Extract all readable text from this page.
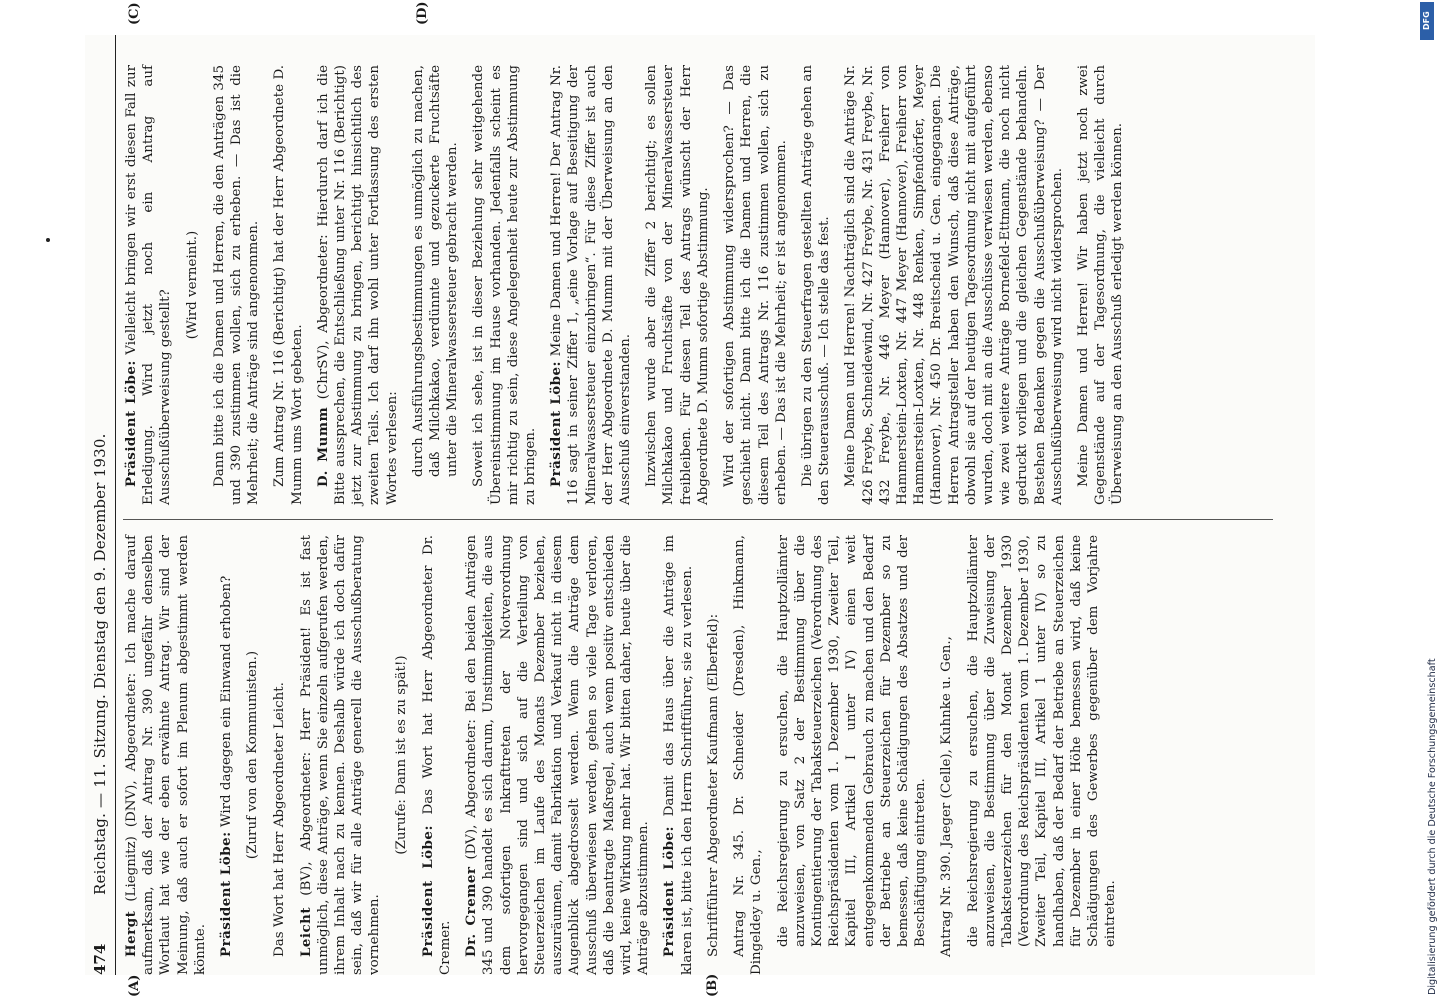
474
Reichstag. — 11. Sitzung. Dienstag den 9. Dezember 1930.
(A)	(B)
(C)	(D)

Hergt (Liegnitz) (DNV), Abgeordneter: Ich mache darauf aufmerksam, daß der Antrag Nr. 390 ungefähr denselben Wortlaut hat wie der eben erwähnte Antrag. Wir sind der Meinung, daß auch er sofort im Plenum abgestimmt werden könnte. Präsident Löbe: Wird dagegen ein Einwand erhoben? (Zuruf von den Kommunisten.) Das Wort hat Herr Abgeordneter Leicht. Leicht (BV), Abgeordneter: Herr Präsident! Es ist fast unmöglich, diese Anträge, wenn Sie einzeln aufgerufen werden, ihrem Inhalt nach zu kennen. Deshalb würde ich doch dafür sein, daß wir für alle Anträge generell die Ausschußberatung vornehmen.

(Zurufe: Dann ist es zu spät!)

Präsident Löbe: Das Wort hat Herr Abgeordneter Dr. Cremer. Dr. Cremer (DV), Abgeordneter: Bei den beiden Anträgen 345 und 390 handelt es sich darum, Unstimmigkeiten, die aus dem sofortigen Inkrafttreten der Notverordnung hervorgegangen sind und sich auf die Verteilung von Steuerzeichen im Laufe des Monats Dezember beziehen, auszuräumen, damit Fabrikation und Verkauf nicht in diesem Augenblick abgedrosselt werden. Wenn die Anträge dem Ausschuß überwiesen werden, gehen so viele Tage verloren, daß die beantragte Maßregel, auch wenn positiv entschieden wird, keine Wirkung mehr hat. Wir bitten daher, heute über die Anträge abzustimmen. Präsident Löbe: Damit das Haus über die Anträge im klaren ist, bitte ich den Herrn Schriftführer, sie zu verlesen. Schriftführer Abgeordneter Kaufmann (Elberfeld): Antrag Nr. 345. Dr. Schneider (Dresden), Hinkmann, Dingeldey u. Gen., die Reichsregierung zu ersuchen, die Hauptzollämter anzuweisen, von Satz 2 der Bestimmung über die Kontingentierung der Tabaksteuerzeichen (Verordnung des Reichspräsidenten vom 1. Dezember 1930, Zweiter Teil, Kapitel III, Artikel I unter IV) einen weit entgegenkommenden Gebrauch zu machen und den Bedarf der Betriebe an Steuerzeichen für Dezember so zu bemessen, daß keine Schädigungen des Absatzes und der Beschäftigung eintreten. Antrag Nr. 390. Jaeger (Celle), Kuhnke u. Gen., die Reichsregierung zu ersuchen, die Hauptzollämter anzuweisen, die Bestimmung über die Zuweisung der Tabaksteuerzeichen für den Monat Dezember 1930 (Verordnung des Reichspräsidenten vom 1. Dezember 1930, Zweiter Teil, Kapitel III, Artikel 1 unter IV) so zu handhaben, daß der Bedarf der Betriebe an Steuerzeichen für Dezember in einer Höhe bemessen wird, daß keine Schädigungen des Gewerbes gegenüber dem Vorjahre eintreten.

Präsident Löbe: Vielleicht bringen wir erst diesen Fall zur Erledigung. Wird jetzt noch ein Antrag auf Ausschußüberweisung gestellt?

(Wird verneint.) Dann bitte ich die Damen und Herren, die den Anträgen 345 und 390 zustimmen wollen, sich zu erheben. — Das ist die Mehrheit; die Anträge sind angenommen. Zum Antrag Nr. 116 (Berichtigt) hat der Herr Abgeordnete D. Mumm ums Wort gebeten. D. Mumm (ChrSV), Abgeordneter: Hierdurch darf ich die Bitte aussprechen, die Entschließung unter Nr. 116 (Berichtigt) jetzt zur Abstimmung zu bringen, berichtigt hinsichtlich des zweiten Teils. Ich darf ihn wohl unter Fortlassung des ersten Wortes verlesen: durch Ausführungsbestimmungen es unmöglich zu machen, daß Milchkakao, verdünnte und gezuckerte Fruchtsäfte unter die Mineralwassersteuer gebracht werden. Soweit ich sehe, ist in dieser Beziehung sehr weitgehende Übereinstimmung im Hause vorhanden. Jedenfalls scheint es mir richtig zu sein, diese Angelegenheit heute zur Abstimmung zu bringen. Präsident Löbe: Meine Damen und Herren! Der Antrag Nr. 116 sagt in seiner Ziffer 1, „eine Vorlage auf Beseitigung der Mineralwassersteuer einzubringen“. Für diese Ziffer ist auch der Herr Abgeordnete D. Mumm mit der Überweisung an den Ausschuß einverstanden. Inzwischen wurde aber die Ziffer 2 berichtigt; es sollen Milchkakao und Fruchtsäfte von der Mineralwassersteuer freibleiben. Für diesen Teil des Antrags wünscht der Herr Abgeordnete D. Mumm sofortige Abstimmung. Wird der sofortigen Abstimmung widersprochen? — Das geschieht nicht. Dann bitte ich die Damen und Herren, die diesem Teil des Antrags Nr. 116 zustimmen wollen, sich zu erheben. — Das ist die Mehrheit; er ist angenommen. Die übrigen zu den Steuerfragen gestellten Anträge gehen an den Steuerausschuß. — Ich stelle das fest. Meine Damen und Herren! Nachträglich sind die Anträge Nr. 426 Freybe, Schneidewind, Nr. 427 Freybe, Nr. 431 Freybe, Nr. 432 Freybe, Nr. 446 Meyer (Hannover), Freiherr von Hammerstein-Loxten, Nr. 447 Meyer (Hannover), Freiherr von Hammerstein-Loxten, Nr. 448 Renken, Simpfendörfer, Meyer (Hannover), Nr. 450 Dr. Breitscheid u. Gen. eingegangen. Die Herren Antragsteller haben den Wunsch, daß diese Anträge, obwohl sie auf der heutigen Tagesordnung nicht mit aufgeführt wurden, doch mit an die Ausschüsse verwiesen werden, ebenso wie zwei weitere Anträge Bornefeld-Ettmann, die noch nicht gedruckt vorliegen und die gleichen Gegenstände behandeln. Bestehen Bedenken gegen die Ausschußüberweisung? — Der Ausschußüberweisung wird nicht widersprochen. Meine Damen und Herren! Wir haben jetzt noch zwei Gegenstände auf der Tagesordnung, die vielleicht durch Überweisung an den Ausschuß erledigt werden können.

Digitalisierung gefördert durch die Deutsche Forschungsgemeinschaft
DFG
